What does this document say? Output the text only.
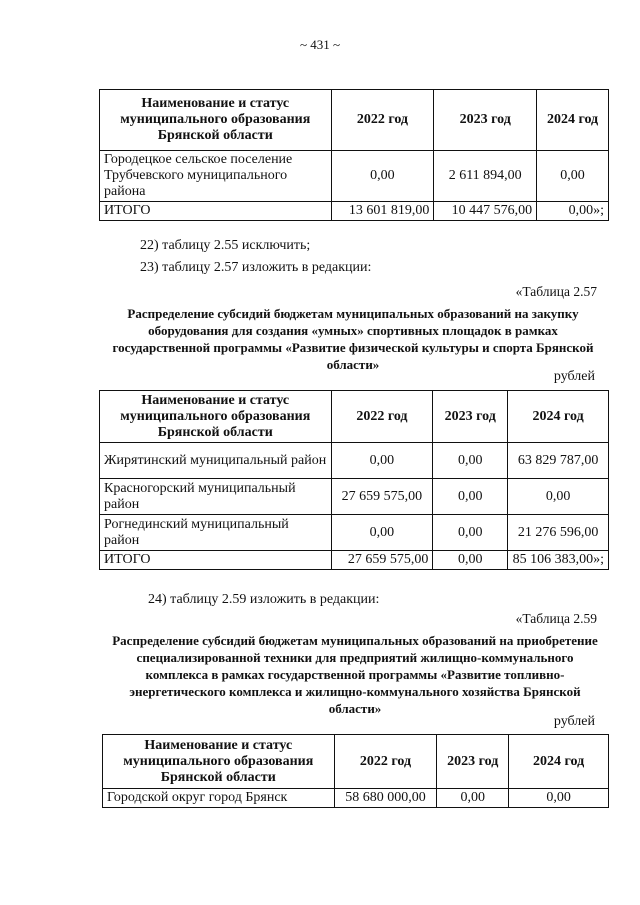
~ 431 ~
Наименование и статус муниципального образования Брянской области	2022 год	2023 год	2024 год
Городецкое сельское поселение Трубчевского муниципального района	0,00	2 611 894,00	0,00
ИТОГО	13 601 819,00	10 447 576,00	0,00»;
22) таблицу 2.55 исключить;
23) таблицу 2.57 изложить в редакции:
«Таблица 2.57
Распределение субсидий бюджетам муниципальных образований на закупку оборудования для создания «умных» спортивных площадок в рамках государственной программы «Развитие физической культуры и спорта Брянской области»
рублей
Наименование и статус муниципального образования Брянской области	2022 год	2023 год	2024 год
Жирятинский муниципальный район	0,00	0,00	63 829 787,00
Красногорский муниципальный район	27 659 575,00	0,00	0,00
Рогнединский муниципальный район	0,00	0,00	21 276 596,00
ИТОГО	27 659 575,00	0,00	85 106 383,00»;
24) таблицу 2.59 изложить в редакции:
«Таблица 2.59
Распределение субсидий бюджетам муниципальных образований на приобретение специализированной техники для предприятий жилищно-коммунального комплекса в рамках государственной программы «Развитие топливно-энергетического комплекса и жилищно-коммунального хозяйства Брянской области»
рублей
Наименование и статус муниципального образования Брянской области	2022 год	2023 год	2024 год
Городской округ город Брянск	58 680 000,00	0,00	0,00
